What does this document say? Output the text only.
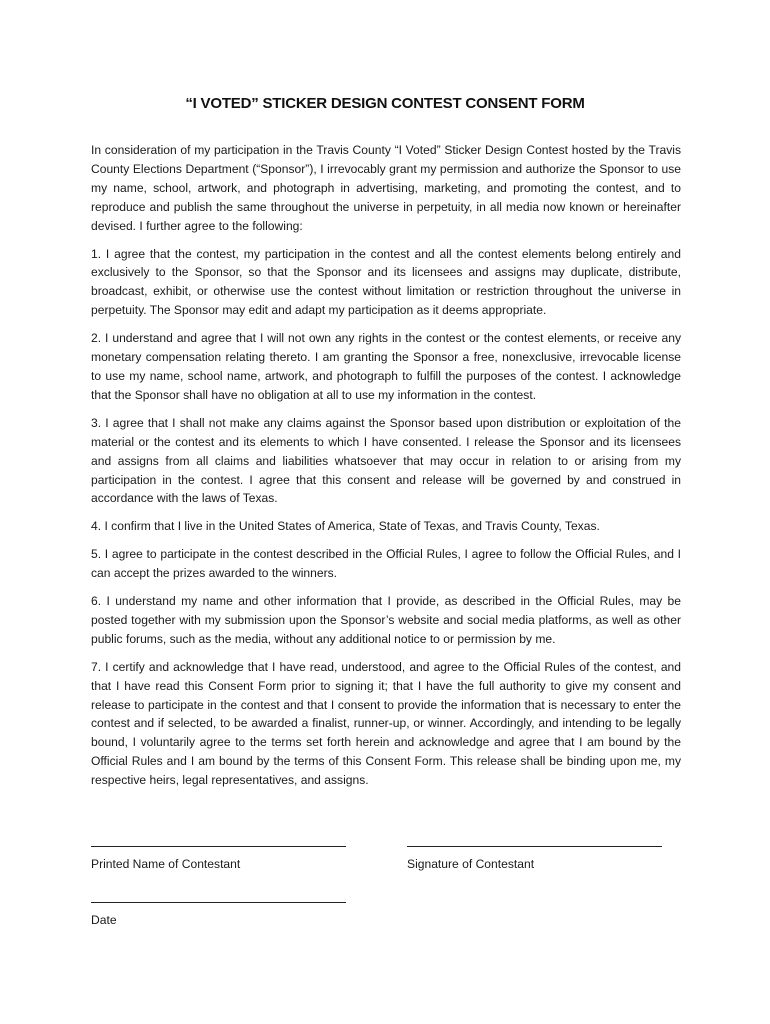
“I VOTED” STICKER DESIGN CONTEST CONSENT FORM

In consideration of my participation in the Travis County “I Voted” Sticker Design Contest hosted by the Travis County Elections Department (“Sponsor”), I irrevocably grant my permission and authorize the Sponsor to use my name, school, artwork, and photograph in advertising, marketing, and promoting the contest, and to reproduce and publish the same throughout the universe in perpetuity, in all media now known or hereinafter devised. I further agree to the following:

1. I agree that the contest, my participation in the contest and all the contest elements belong entirely and exclusively to the Sponsor, so that the Sponsor and its licensees and assigns may duplicate, distribute, broadcast, exhibit, or otherwise use the contest without limitation or restriction throughout the universe in perpetuity. The Sponsor may edit and adapt my participation as it deems appropriate.

2. I understand and agree that I will not own any rights in the contest or the contest elements, or receive any monetary compensation relating thereto. I am granting the Sponsor a free, nonexclusive, irrevocable license to use my name, school name, artwork, and photograph to fulfill the purposes of the contest. I acknowledge that the Sponsor shall have no obligation at all to use my information in the contest.

3. I agree that I shall not make any claims against the Sponsor based upon distribution or exploitation of the material or the contest and its elements to which I have consented. I release the Sponsor and its licensees and assigns from all claims and liabilities whatsoever that may occur in relation to or arising from my participation in the contest. I agree that this consent and release will be governed by and construed in accordance with the laws of Texas.

4. I confirm that I live in the United States of America, State of Texas, and Travis County, Texas.

5. I agree to participate in the contest described in the Official Rules, I agree to follow the Official Rules, and I can accept the prizes awarded to the winners.

6. I understand my name and other information that I provide, as described in the Official Rules, may be posted together with my submission upon the Sponsor’s website and social media platforms, as well as other public forums, such as the media, without any additional notice to or permission by me.

7. I certify and acknowledge that I have read, understood, and agree to the Official Rules of the contest, and that I have read this Consent Form prior to signing it; that I have the full authority to give my consent and release to participate in the contest and that I consent to provide the information that is necessary to enter the contest and if selected, to be awarded a finalist, runner-up, or winner. Accordingly, and intending to be legally bound, I voluntarily agree to the terms set forth herein and acknowledge and agree that I am bound by the Official Rules and I am bound by the terms of this Consent Form. This release shall be binding upon me, my respective heirs, legal representatives, and assigns.

Printed Name of Contestant	Signature of Contestant
Date
